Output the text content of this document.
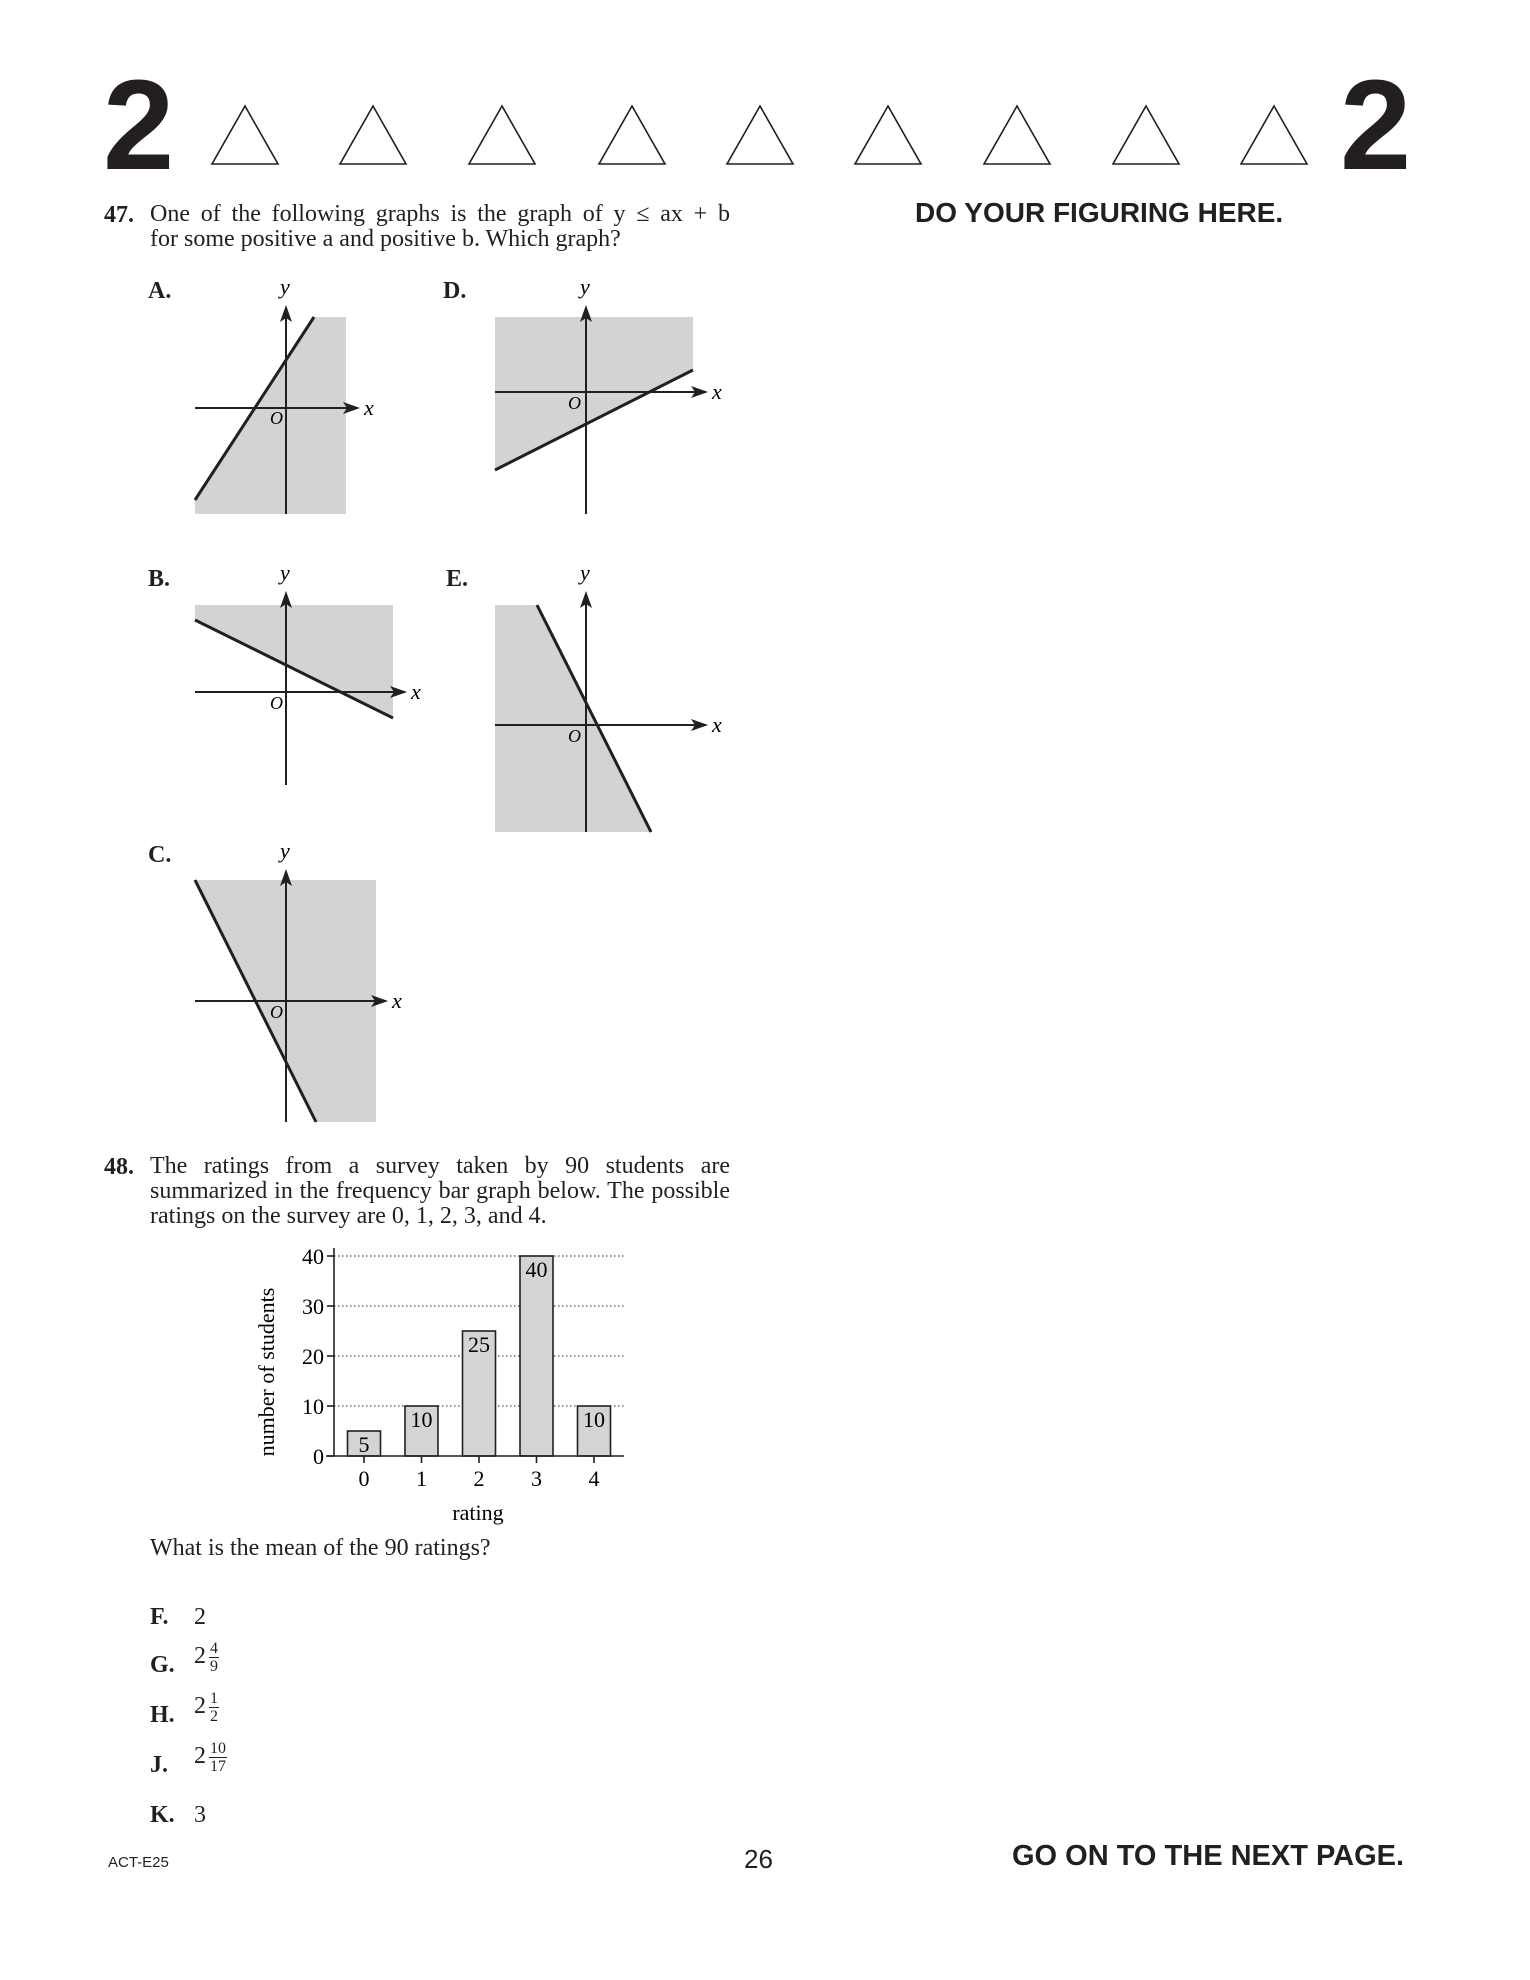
2	2
DO YOUR FIGURING HERE.
47. One of the following graphs is the graph of y ≤ ax + b
for some positive a and positive b. Which graph?
A.
B.
C.
D.
E.
x
y
O
x
y
O
x
y
O
x
y
O
x
y
O
48. The ratings from a survey taken by 90 students are summarized in the frequency bar graph below. The possible ratings on the survey are 0, 1, 2, 3, and 4.
5
10
25
40
10
0
10
20
30
40
0 1 2 3 4
rating
number of students
What is the mean of the 90 ratings?
F. 2
G. $2 \frac{4}{9}$
H. $2 \frac{1}{2}$
J. $2 \frac{10}{17}$
K. 3
ACT-E25	26	GO ON TO THE NEXT PAGE.
